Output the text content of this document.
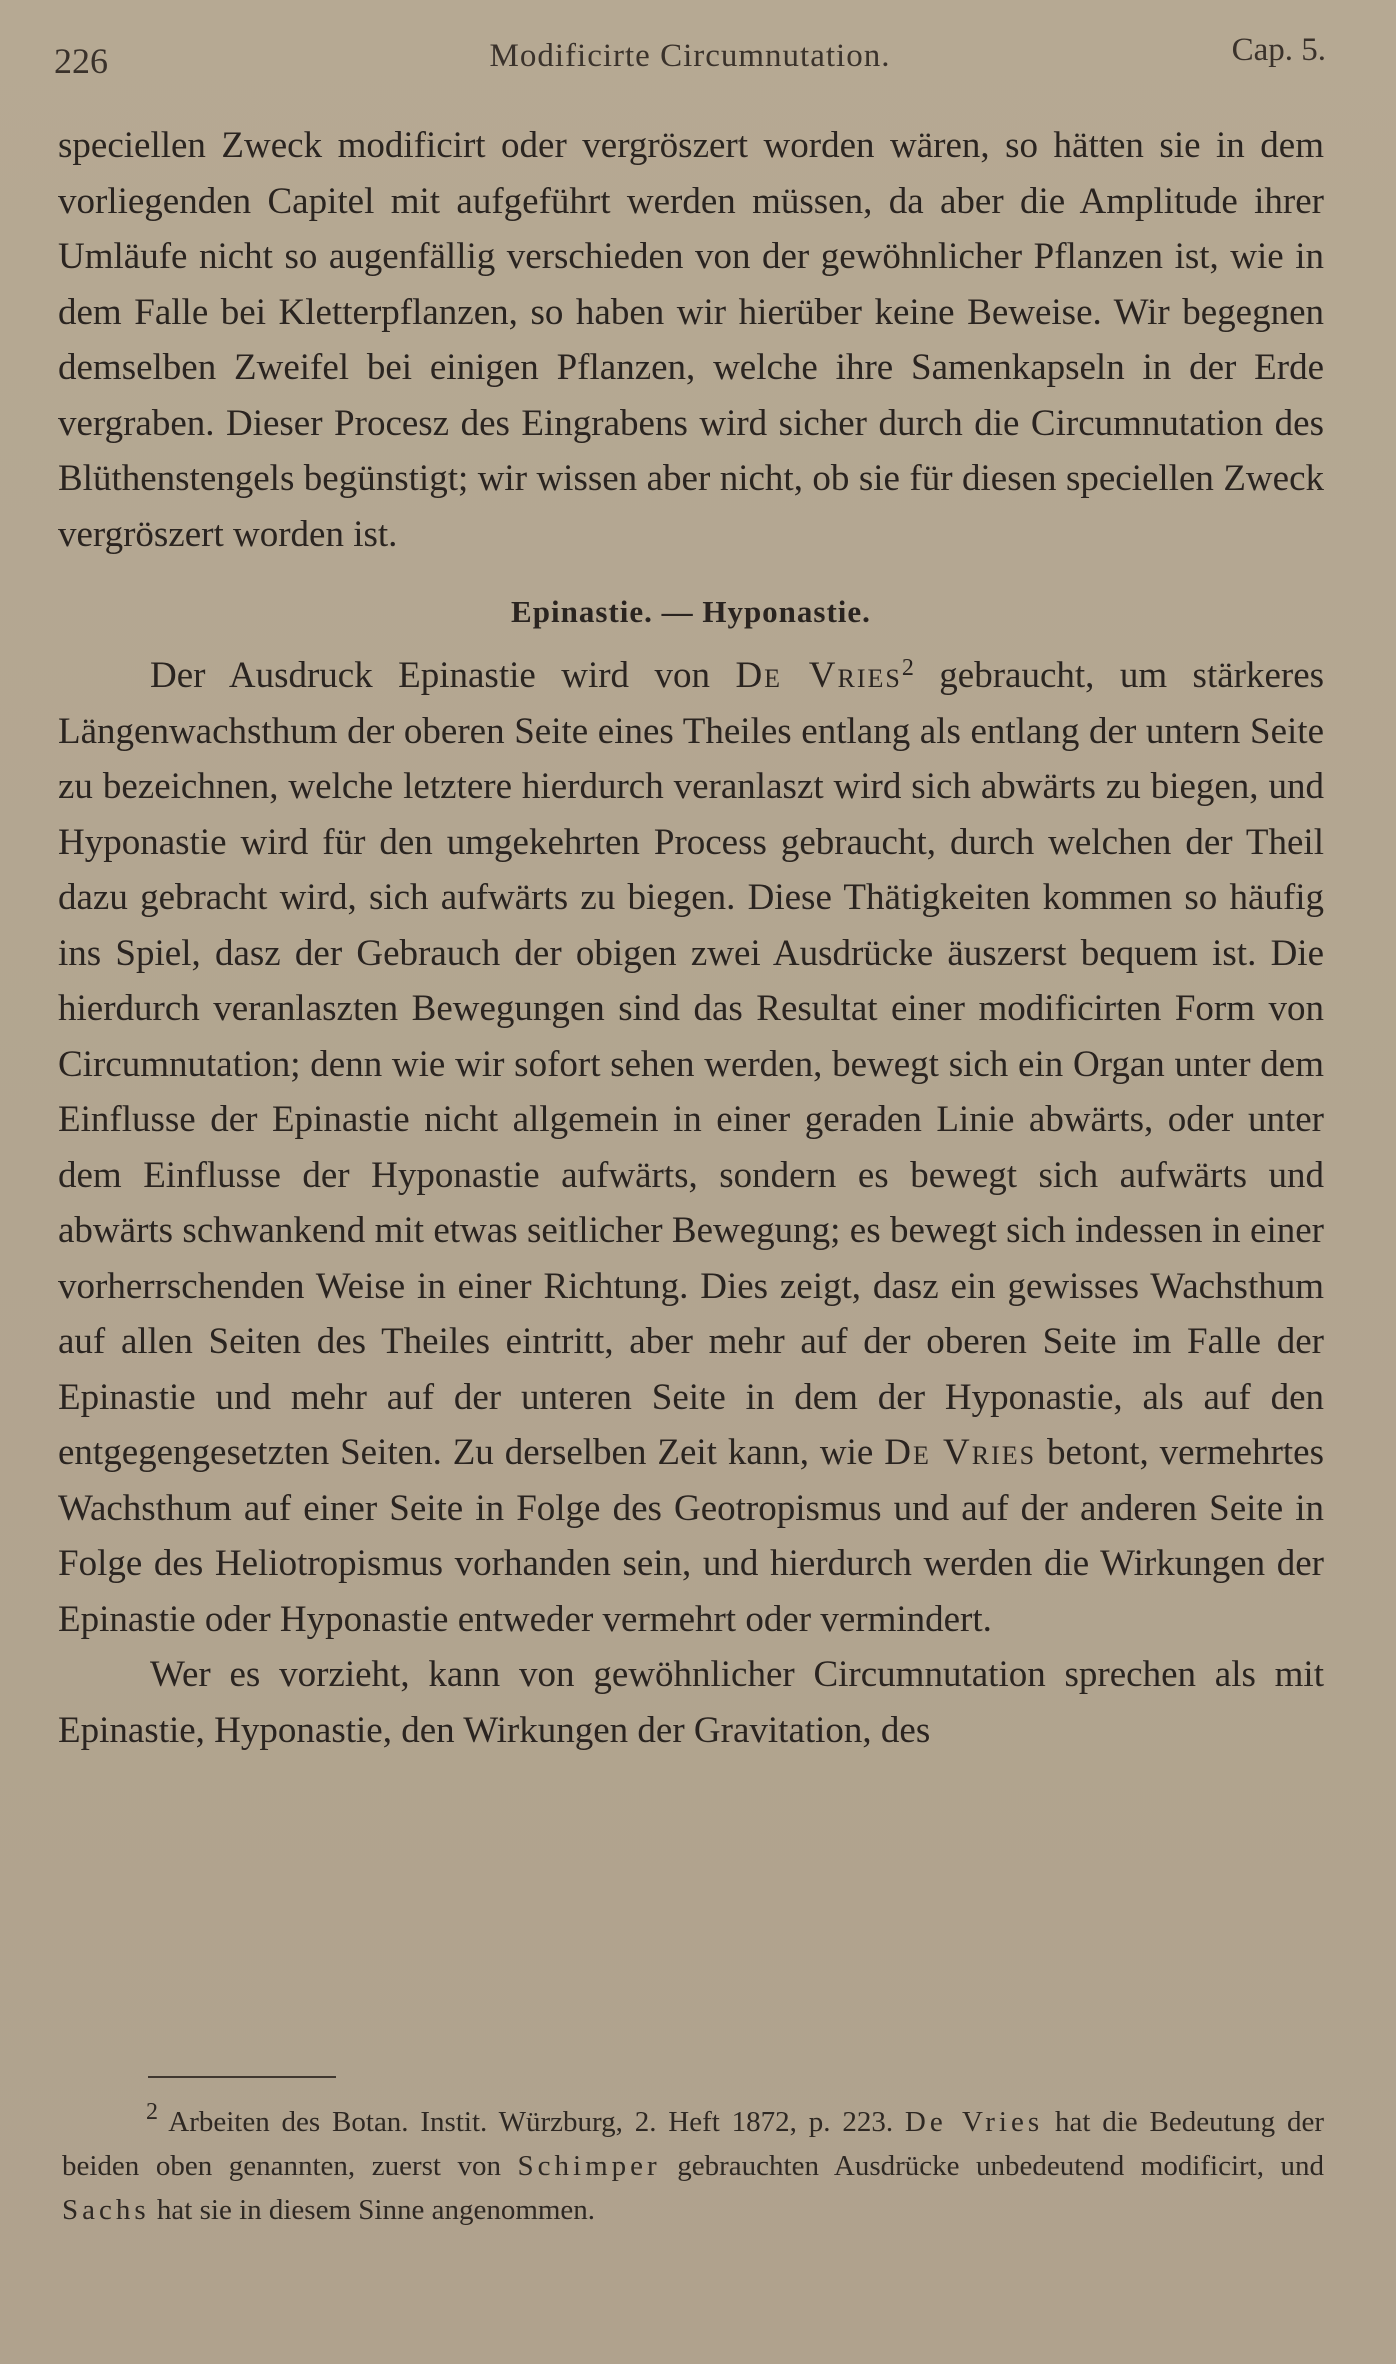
226	Modificirte Circumnutation.	Cap. 5.

speciellen Zweck modificirt oder vergröszert worden wären, so hätten sie in dem vorliegenden Capitel mit aufgeführt werden müssen, da aber die Amplitude ihrer Umläufe nicht so augenfällig verschieden von der gewöhnlicher Pflanzen ist, wie in dem Falle bei Kletterpflanzen, so haben wir hierüber keine Beweise. Wir begegnen demselben Zweifel bei einigen Pflanzen, welche ihre Samenkapseln in der Erde vergraben. Dieser Procesz des Eingrabens wird sicher durch die Circumnutation des Blüthenstengels begünstigt; wir wissen aber nicht, ob sie für diesen speciellen Zweck vergröszert worden ist.

Epinastie. — Hyponastie.

Der Ausdruck Epinastie wird von De Vries$^2$ gebraucht, um stärkeres Längenwachsthum der oberen Seite eines Theiles entlang als entlang der untern Seite zu bezeichnen, welche letztere hierdurch veranlaszt wird sich abwärts zu biegen, und Hyponastie wird für den umgekehrten Process gebraucht, durch welchen der Theil dazu gebracht wird, sich aufwärts zu biegen. Diese Thätigkeiten kommen so häufig ins Spiel, dasz der Gebrauch der obigen zwei Ausdrücke äuszerst bequem ist. Die hierdurch veranlaszten Bewegungen sind das Resultat einer modificirten Form von Circumnutation; denn wie wir sofort sehen werden, bewegt sich ein Organ unter dem Einflusse der Epinastie nicht allgemein in einer geraden Linie abwärts, oder unter dem Einflusse der Hyponastie aufwärts, sondern es bewegt sich aufwärts und abwärts schwankend mit etwas seitlicher Bewegung; es bewegt sich indessen in einer vorherrschenden Weise in einer Richtung. Dies zeigt, dasz ein gewisses Wachsthum auf allen Seiten des Theiles eintritt, aber mehr auf der oberen Seite im Falle der Epinastie und mehr auf der unteren Seite in dem der Hyponastie, als auf den entgegengesetzten Seiten. Zu derselben Zeit kann, wie De Vries betont, vermehrtes Wachsthum auf einer Seite in Folge des Geotropismus und auf der anderen Seite in Folge des Heliotropismus vorhanden sein, und hierdurch werden die Wirkungen der Epinastie oder Hyponastie entweder vermehrt oder vermindert.

Wer es vorzieht, kann von gewöhnlicher Circumnutation sprechen als mit Epinastie, Hyponastie, den Wirkungen der Gravitation, des

$^2$ Arbeiten des Botan. Instit. Würzburg, 2. Heft 1872, p. 223. De Vries hat die Bedeutung der beiden oben genannten, zuerst von Schimper gebrauchten Ausdrücke unbedeutend modificirt, und Sachs hat sie in diesem Sinne angenommen.
